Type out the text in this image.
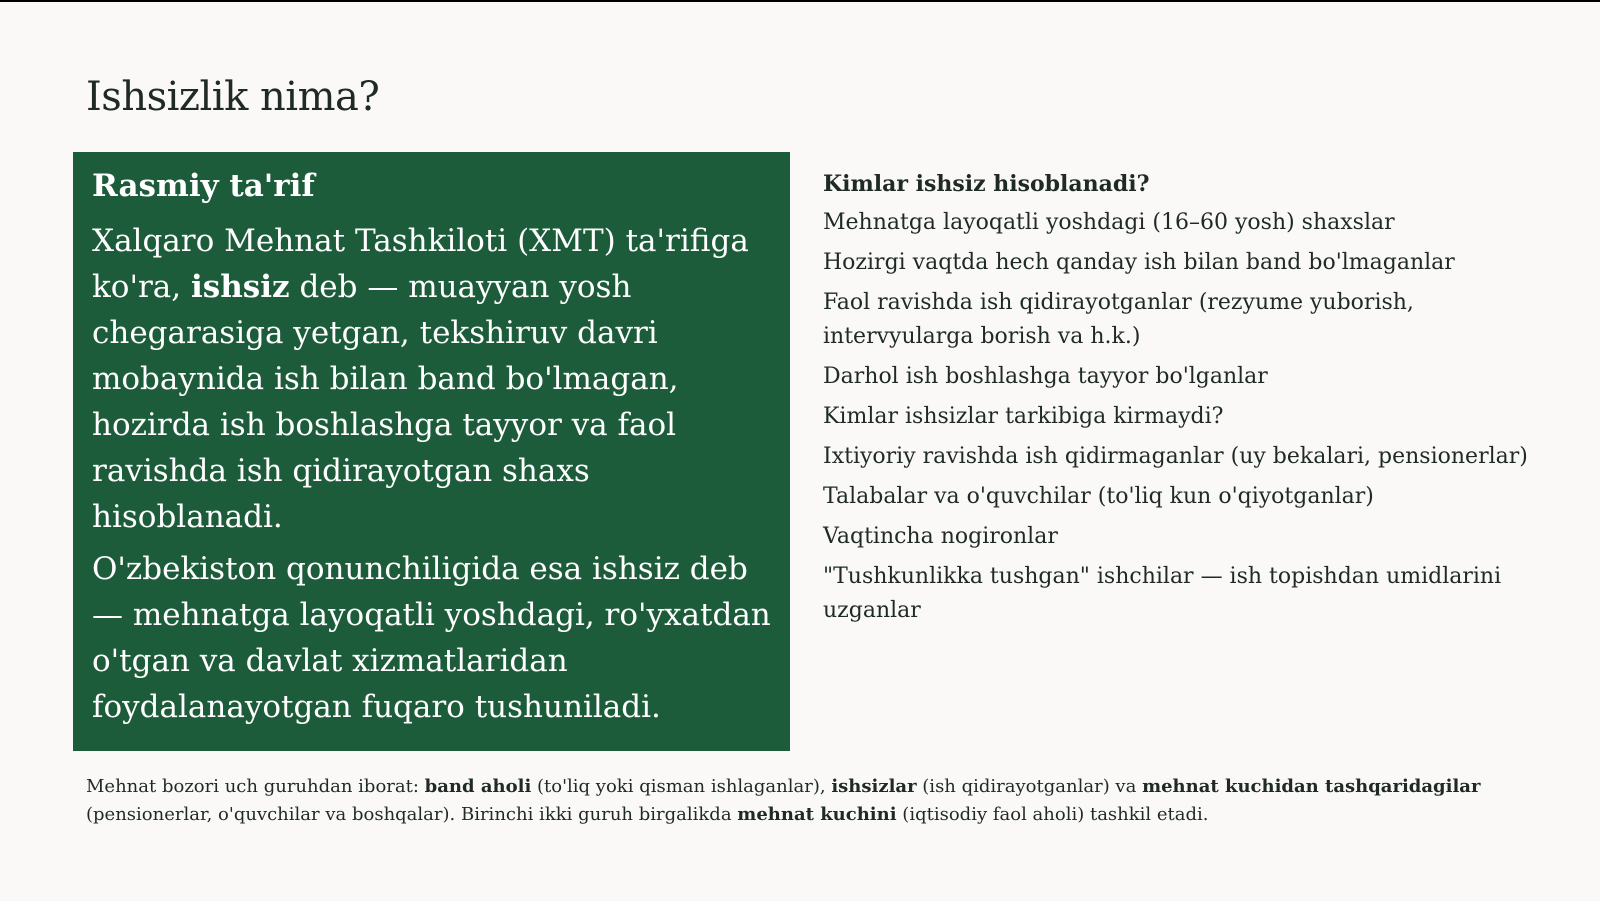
Ishsizlik nima?
Rasmiy ta'rif

Xalqaro Mehnat Tashkiloti (XMT) ta'rifiga ko'ra, ishsiz deb — muayyan yosh chegarasiga yetgan, tekshiruv davri mobaynida ish bilan band bo'lmagan, hozirda ish boshlashga tayyor va faol ravishda ish qidirayotgan shaxs hisoblanadi.

O'zbekiston qonunchiligida esa ishsiz deb — mehnatga layoqatli yoshdagi, ro'yxatdan o'tgan va davlat xizmatlaridan foydalanayotgan fuqaro tushuniladi.

Kimlar ishsiz hisoblanadi?
Mehnatga layoqatli yoshdagi (16–60 yosh) shaxslar
Hozirgi vaqtda hech qanday ish bilan band bo'lmaganlar
Faol ravishda ish qidirayotganlar (rezyume yuborish, intervyularga borish va h.k.)
Darhol ish boshlashga tayyor bo'lganlar
Kimlar ishsizlar tarkibiga kirmaydi?
Ixtiyoriy ravishda ish qidirmaganlar (uy bekalari, pensionerlar)
Talabalar va o'quvchilar (to'liq kun o'qiyotganlar)
Vaqtincha nogironlar
"Tushkunlikka tushgan" ishchilar — ish topishdan umidlarini uzganlar

Mehnat bozori uch guruhdan iborat: band aholi (to'liq yoki qisman ishlaganlar), ishsizlar (ish qidirayotganlar) va mehnat kuchidan tashqaridagilar (pensionerlar, o'quvchilar va boshqalar). Birinchi ikki guruh birgalikda mehnat kuchini (iqtisodiy faol aholi) tashkil etadi.
